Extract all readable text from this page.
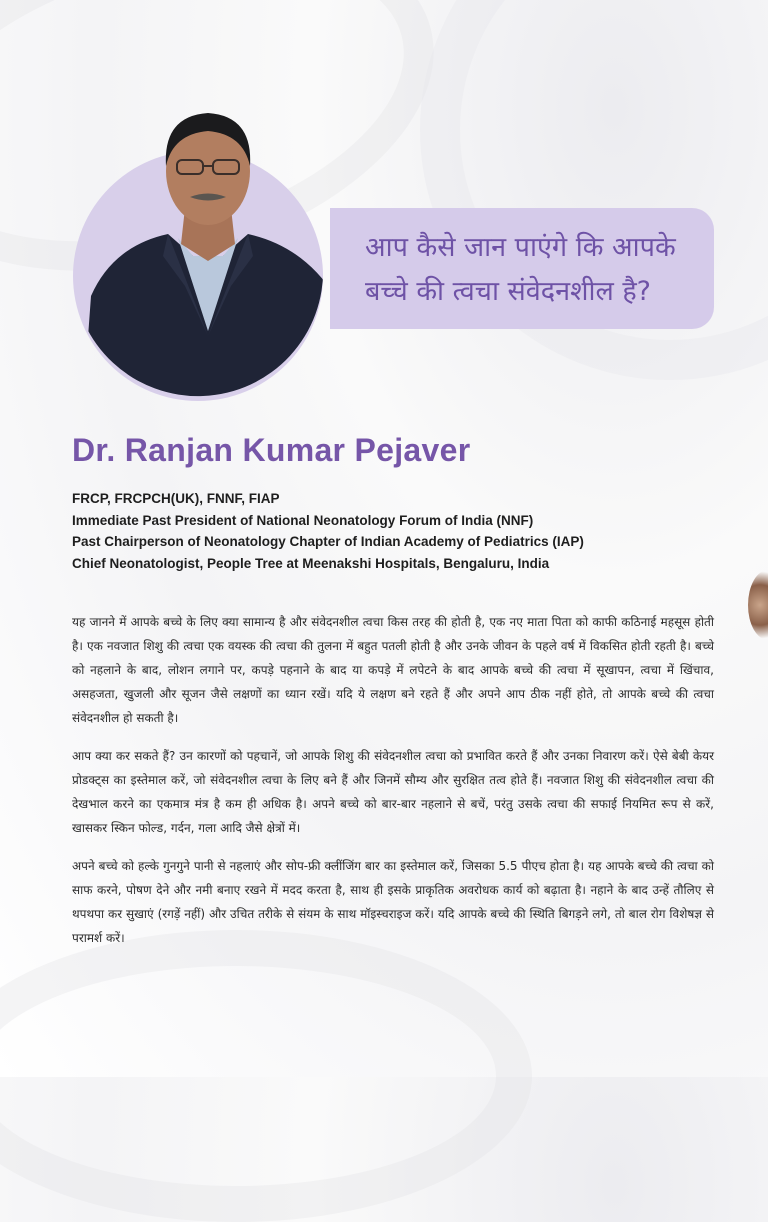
आप कैसे जान पाएंगे कि आपके
बच्चे की त्वचा संवेदनशील है?
Dr. Ranjan Kumar Pejaver
FRCP, FRCPCH(UK), FNNF, FIAP
Immediate Past President of National Neonatology Forum of India (NNF)
Past Chairperson of Neonatology Chapter of Indian Academy of Pediatrics (IAP)
Chief Neonatologist, People Tree at Meenakshi Hospitals, Bengaluru, India

यह जानने में आपके बच्चे के लिए क्या सामान्य है और संवेदनशील त्वचा किस तरह की होती है, एक नए माता पिता को काफी कठिनाई महसूस होती है। एक नवजात शिशु की त्वचा एक वयस्क की त्वचा की तुलना में बहुत पतली होती है और उनके जीवन के पहले वर्ष में विकसित होती रहती है। बच्चे को नहलाने के बाद, लोशन लगाने पर, कपड़े पहनाने के बाद या कपड़े में लपेटने के बाद आपके बच्चे की त्वचा में सूखापन, त्वचा में खिंचाव, असहजता, खुजली और सूजन जैसे लक्षणों का ध्यान रखें। यदि ये लक्षण बने रहते हैं और अपने आप ठीक नहीं होते, तो आपके बच्चे की त्वचा संवेदनशील हो सकती है।

आप क्या कर सकते हैं? उन कारणों को पहचानें, जो आपके शिशु की संवेदनशील त्वचा को प्रभावित करते हैं और उनका निवारण करें। ऐसे बेबी केयर प्रोडक्ट्स का इस्तेमाल करें, जो संवेदनशील त्वचा के लिए बने हैं और जिनमें सौम्य और सुरक्षित तत्व होते हैं। नवजात शिशु की संवेदनशील त्वचा की देखभाल करने का एकमात्र मंत्र है कम ही अधिक है। अपने बच्चे को बार-बार नहलाने से बचें, परंतु उसके त्वचा की सफाई नियमित रूप से करें, खासकर स्किन फोल्ड, गर्दन, गला आदि जैसे क्षेत्रों में।

अपने बच्चे को हल्के गुनगुने पानी से नहलाएं और सोप-फ्री क्लींजिंग बार का इस्तेमाल करें, जिसका 5.5 पीएच होता है। यह आपके बच्चे की त्वचा को साफ करने, पोषण देने और नमी बनाए रखने में मदद करता है, साथ ही इसके प्राकृतिक अवरोधक कार्य को बढ़ाता है। नहाने के बाद उन्हें तौलिए से थपथपा कर सुखाएं (रगड़ें नहीं) और उचित तरीके से संयम के साथ मॉइस्चराइज करें। यदि आपके बच्चे की स्थिति बिगड़ने लगे, तो बाल रोग विशेषज्ञ से परामर्श करें।
